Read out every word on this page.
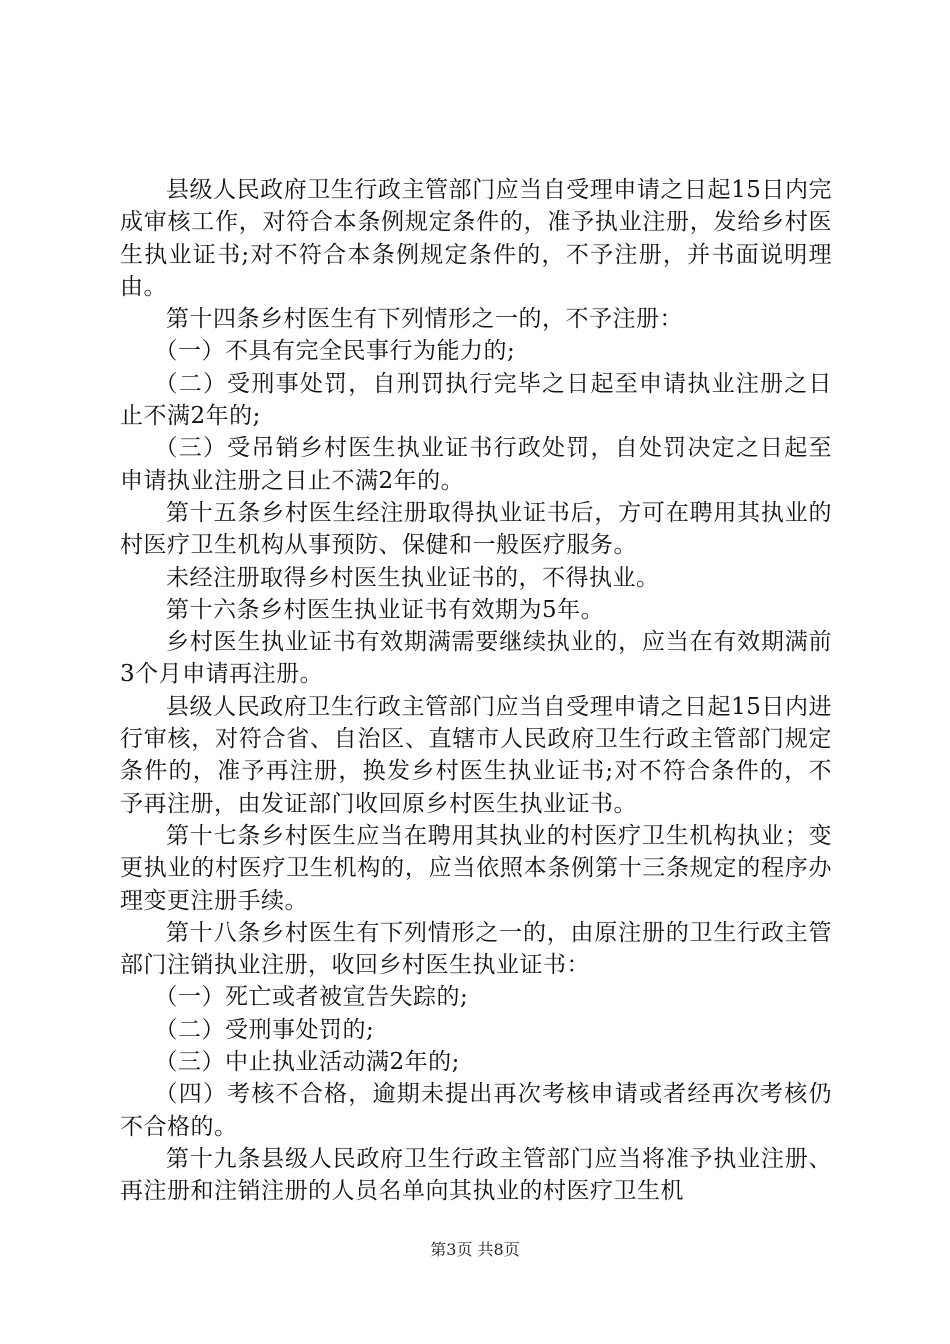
县级人民政府卫生行政主管部门应当自受理申请之日起15日内完成审核工作，对符合本条例规定条件的，准予执业注册，发给乡村医生执业证书;对不符合本条例规定条件的，不予注册，并书面说明理由。

第十四条乡村医生有下列情形之一的，不予注册：

（一）不具有完全民事行为能力的;

（二）受刑事处罚，自刑罚执行完毕之日起至申请执业注册之日止不满2年的;

（三）受吊销乡村医生执业证书行政处罚，自处罚决定之日起至申请执业注册之日止不满2年的。

第十五条乡村医生经注册取得执业证书后，方可在聘用其执业的村医疗卫生机构从事预防、保健和一般医疗服务。

未经注册取得乡村医生执业证书的，不得执业。

第十六条乡村医生执业证书有效期为5年。

乡村医生执业证书有效期满需要继续执业的，应当在有效期满前3个月申请再注册。

县级人民政府卫生行政主管部门应当自受理申请之日起15日内进行审核，对符合省、自治区、直辖市人民政府卫生行政主管部门规定条件的，准予再注册，换发乡村医生执业证书;对不符合条件的，不予再注册，由发证部门收回原乡村医生执业证书。

第十七条乡村医生应当在聘用其执业的村医疗卫生机构执业；变更执业的村医疗卫生机构的，应当依照本条例第十三条规定的程序办理变更注册手续。

第十八条乡村医生有下列情形之一的，由原注册的卫生行政主管部门注销执业注册，收回乡村医生执业证书：

（一）死亡或者被宣告失踪的;

（二）受刑事处罚的;

（三）中止执业活动满2年的;

（四）考核不合格，逾期未提出再次考核申请或者经再次考核仍不合格的。

第十九条县级人民政府卫生行政主管部门应当将准予执业注册、再注册和注销注册的人员名单向其执业的村医疗卫生机

第3页 共8页
